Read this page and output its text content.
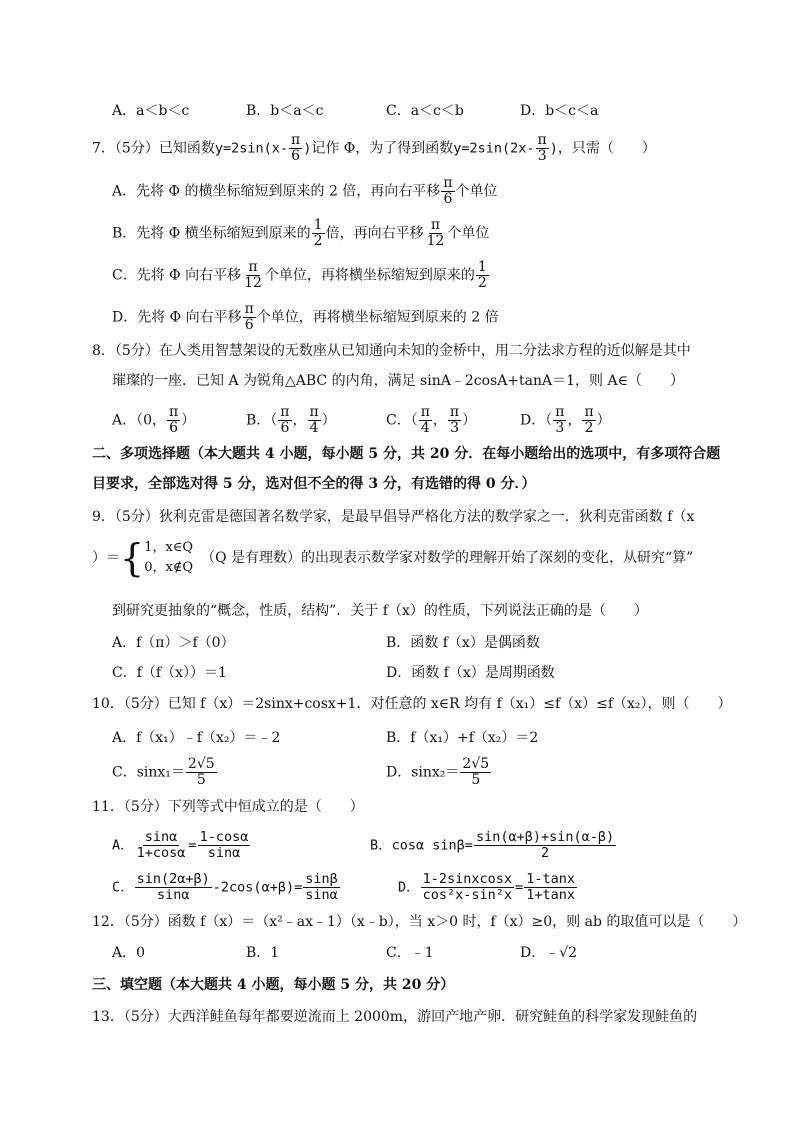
A．a＜b＜c	B．b＜a＜c	C．a＜c＜b	D．b＜c＜a
7．（5分）已知函数$y=2\sin(x- \frac{\pi}{6}$ )记作 Φ，为了得到函数$y=2\sin(2x- \frac{\pi}{3}$ )，只需（　　）
A．先将 Φ 的横坐标缩短到原来的 2 倍，再向右平移 $\frac{\pi}{6}$ 个单位
B．先将 Φ 横坐标缩短到原来的 $\frac{1}{2}$ 倍，再向右平移 $\frac{\pi}{12}$ 个单位
C．先将 Φ 向右平移 $\frac{\pi}{12}$ 个单位，再将横坐标缩短到原来的 $\frac{1}{2}$
D．先将 Φ 向右平移 $\frac{\pi}{6}$ 个单位，再将横坐标缩短到原来的 2 倍
8．（5分）在人类用智慧架设的无数座从已知通向未知的金桥中，用二分法求方程的近似解是其中
璀璨的一座．已知 A 为锐角△ABC 的内角，满足 sinA﹣2cosA+tanA＝1，则 A∈（　　）
A．（0， $\frac{\pi}{6}$ ）	B．（ $\frac{\pi}{6}$ ， $\frac{\pi}{4}$ ）	C．（ $\frac{\pi}{4}$ ， $\frac{\pi}{3}$ ）	D．（ $\frac{\pi}{3}$ ， $\frac{\pi}{2}$ ）
二、多项选择题（本大题共 4 小题，每小题 5 分，共 20 分．在每小题给出的选项中，有多项符合题
目要求，全部选对得 5 分，选对但不全的得 3 分，有选错的得 0 分．）
9．（5分）狄利克雷是德国著名数学家，是最早倡导严格化方法的数学家之一．狄利克雷函数 f（x
）＝{ 1，x∈Q
0，x∉Q
（Q 是有理数）的出现表示数学家对数学的理解开始了深刻的变化，从研究“算”
到研究更抽象的“概念，性质，结构”．关于 f（x）的性质，下列说法正确的是（　　）
A．f（π）＞f（0）	B．函数 f（x）是偶函数
C．f（f（x））＝1	D．函数 f（x）是周期函数
10．（5分）已知 f（x）＝2sinx+cosx+1．对任意的 x∈R 均有 f（x₁）≤f（x）≤f（x₂），则（　　）
A．f（x₁）﹣f（x₂）＝﹣2	B．f（x₁）+f（x₂）＝2
C．$\sin x_1= \frac{2√5}{5}$	D．$\sin x_2= \frac{2√5}{5}$
11．（5分）下列等式中恒成立的是（　　）
A． $\frac{\sin\alpha}{1+\cos\alpha} = \frac{1-\cos\alpha}{\sin\alpha}$	B．cosα $\sin\beta= \frac{\sin(\alpha+\beta)+\sin(\alpha-\beta)}{2}$
C． $\frac{\sin(2\alpha+\beta)}{\sin\alpha} -2\cos(\alpha+\beta)= \frac{\sin\beta}{\sin\alpha}$	D． $\frac{\text{1-2sinxcosx}}{\text{cos²x-sin²x}} = \frac{1-\tan x}{1+\tan x}$
12．（5分）函数 f（x）＝（x²﹣ax﹣1）（x﹣b），当 x＞0 时，f（x）≥0，则 ab 的取值可以是（　　）
A．0	B．1	C．﹣1	D．﹣√2
三、填空题（本大题共 4 小题，每小题 5 分，共 20 分）
13．（5分）大西洋鲑鱼每年都要逆流而上 2000m，游回产地产卵．研究鲑鱼的科学家发现鲑鱼的
